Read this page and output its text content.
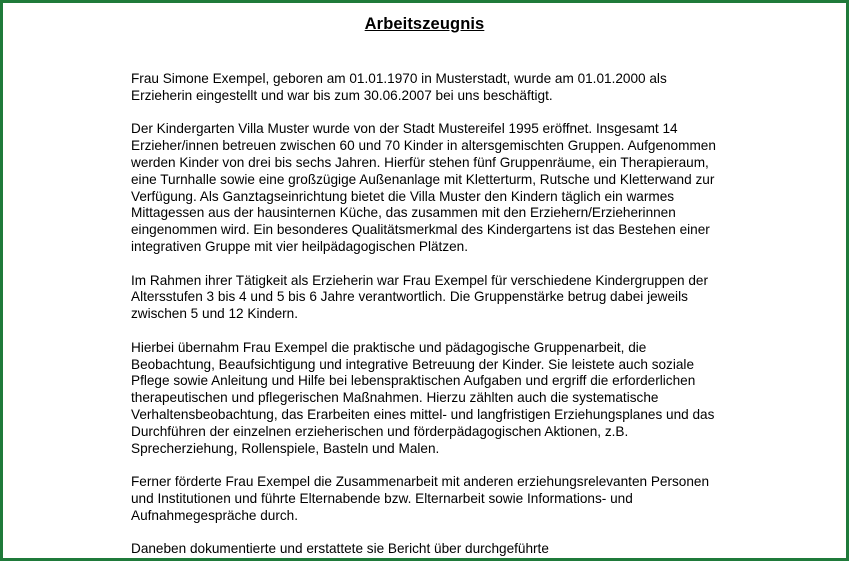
Arbeitszeugnis

Frau Simone Exempel, geboren am 01.01.1970 in Musterstadt, wurde am 01.01.2000 als Erzieherin eingestellt und war bis zum 30.06.2007 bei uns beschäftigt.

Der Kindergarten Villa Muster wurde von der Stadt Mustereifel 1995 eröffnet. Insgesamt 14 Erzieher/innen betreuen zwischen 60 und 70 Kinder in altersgemischten Gruppen. Aufgenommen werden Kinder von drei bis sechs Jahren. Hierfür stehen fünf Gruppenräume, ein Therapieraum, eine Turnhalle sowie eine großzügige Außenanlage mit Kletterturm, Rutsche und Kletterwand zur Verfügung. Als Ganztagseinrichtung bietet die Villa Muster den Kindern täglich ein warmes Mittagessen aus der hausinternen Küche, das zusammen mit den Erziehern/Erzieherinnen eingenommen wird. Ein besonderes Qualitätsmerkmal des Kindergartens ist das Bestehen einer integrativen Gruppe mit vier heilpädagogischen Plätzen.

Im Rahmen ihrer Tätigkeit als Erzieherin war Frau Exempel für verschiedene Kindergruppen der Altersstufen 3 bis 4 und 5 bis 6 Jahre verantwortlich. Die Gruppenstärke betrug dabei jeweils zwischen 5 und 12 Kindern.

Hierbei übernahm Frau Exempel die praktische und pädagogische Gruppenarbeit, die Beobachtung, Beaufsichtigung und integrative Betreuung der Kinder. Sie leistete auch soziale Pflege sowie Anleitung und Hilfe bei lebenspraktischen Aufgaben und ergriff die erforderlichen therapeutischen und pflegerischen Maßnahmen. Hierzu zählten auch die systematische Verhaltensbeobachtung, das Erarbeiten eines mittel- und langfristigen Erziehungsplanes und das Durchführen der einzelnen erzieherischen und förderpädagogischen Aktionen, z.B. Sprecherziehung, Rollenspiele, Basteln und Malen.

Ferner förderte Frau Exempel die Zusammenarbeit mit anderen erziehungsrelevanten Personen und Institutionen und führte Elternabende bzw. Elternarbeit sowie Informations- und Aufnahmegespräche durch.

Daneben dokumentierte und erstattete sie Bericht über durchgeführte
